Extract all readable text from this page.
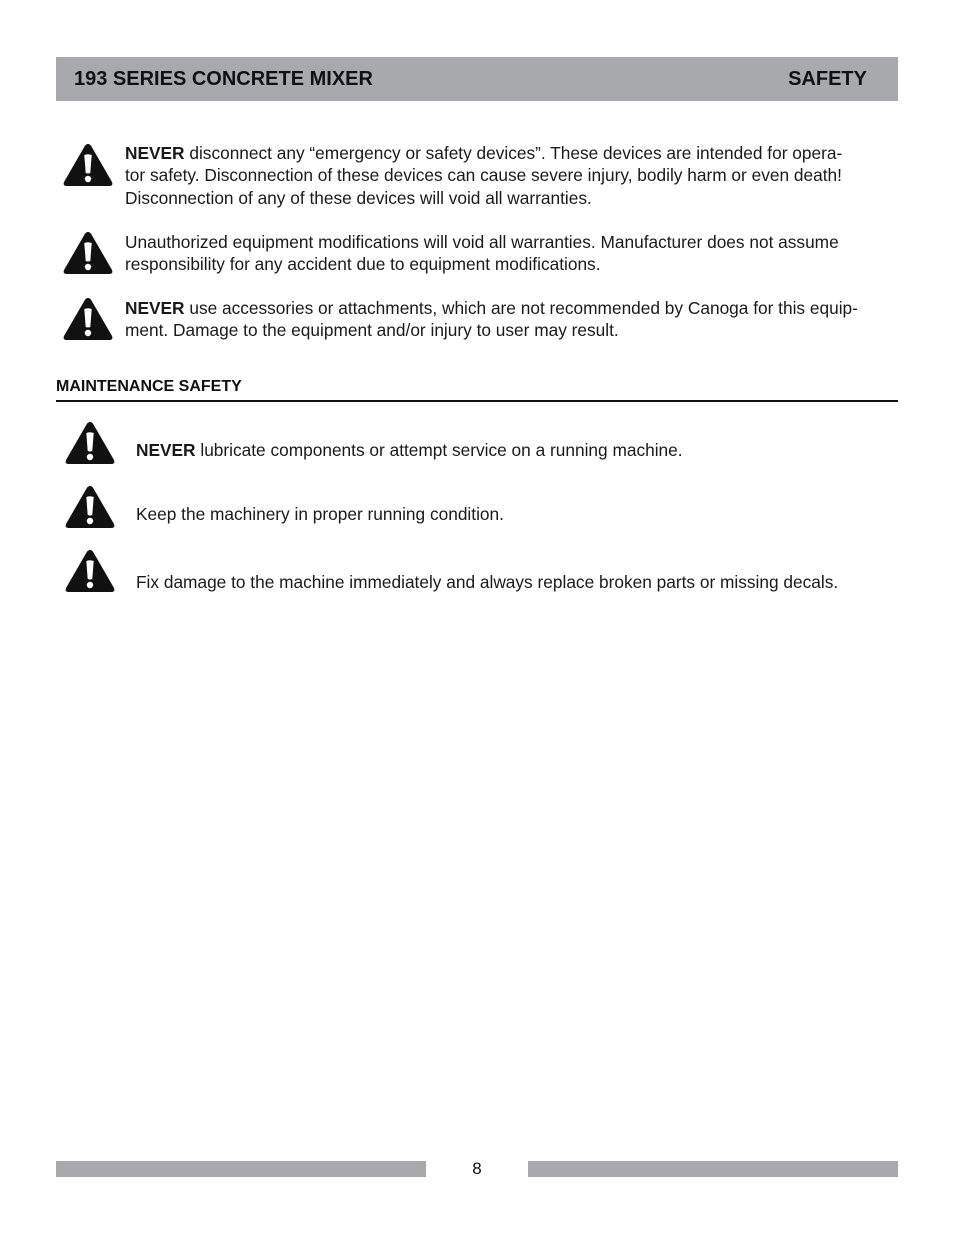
193 SERIES CONCRETE MIXER	SAFETY
NEVER disconnect any “emergency or safety devices”. These devices are intended for opera-
tor safety. Disconnection of these devices can cause severe injury, bodily harm or even death!
Disconnection of any of these devices will void all warranties.
Unauthorized equipment modifications will void all warranties. Manufacturer does not assume
responsibility for any accident due to equipment modifications.
NEVER use accessories or attachments, which are not recommended by Canoga for this equip-
ment. Damage to the equipment and/or injury to user may result.
MAINTENANCE SAFETY
NEVER lubricate components or attempt service on a running machine.
Keep the machinery in proper running condition.
Fix damage to the machine immediately and always replace broken parts or missing decals.
8
